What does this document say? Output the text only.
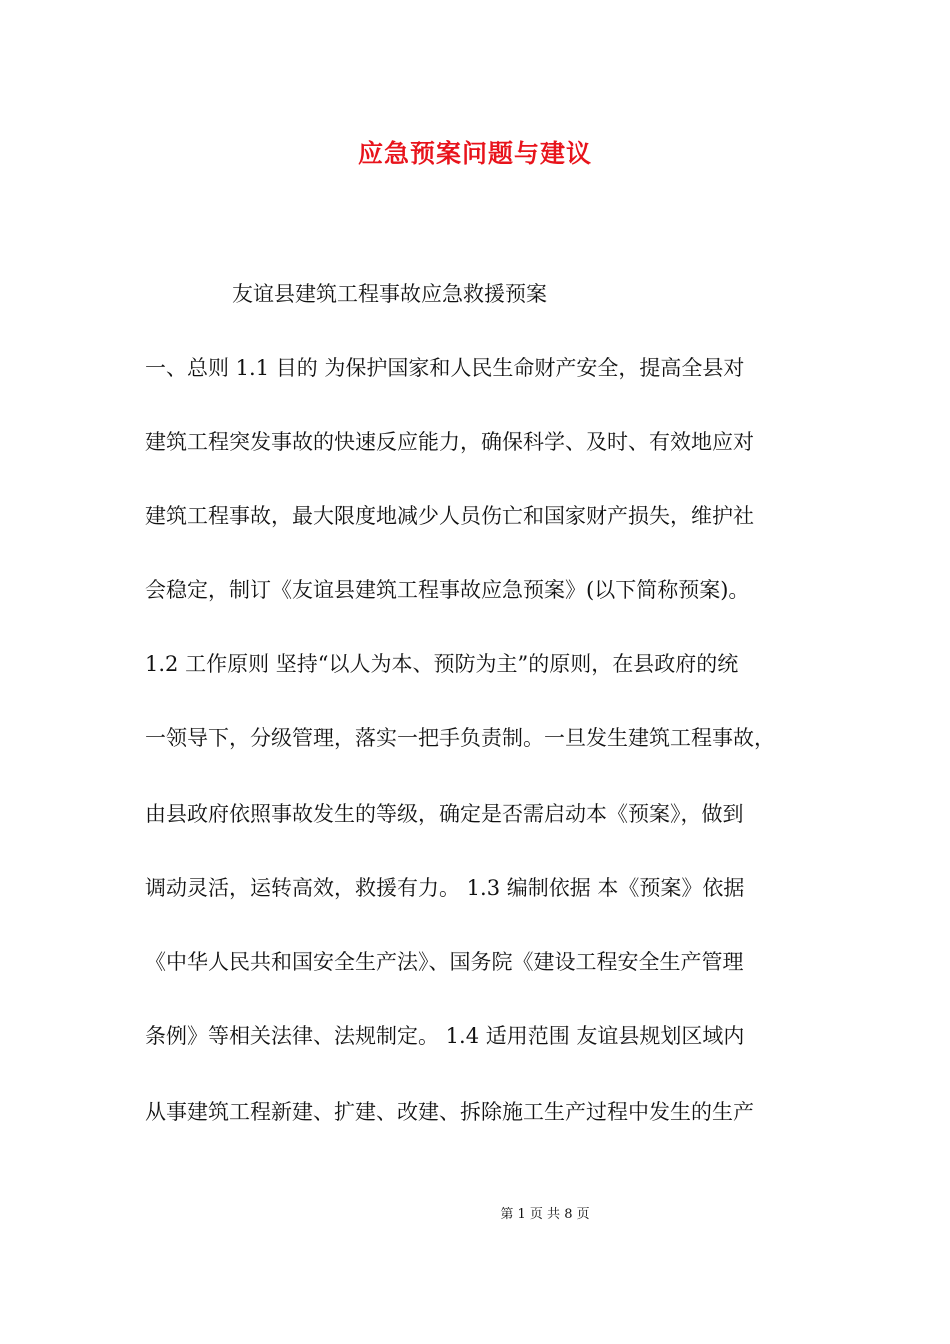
应急预案问题与建议
友谊县建筑工程事故应急救援预案
一、总则 1.1 目的 为保护国家和人民生命财产安全，提高全县对
建筑工程突发事故的快速反应能力，确保科学、及时、有效地应对
建筑工程事故，最大限度地减少人员伤亡和国家财产损失，维护社
会稳定，制订《友谊县建筑工程事故应急预案》(以下简称预案)。
1.2 工作原则 坚持“以人为本、预防为主”的原则，在县政府的统
一领导下，分级管理，落实一把手负责制。一旦发生建筑工程事故，
由县政府依照事故发生的等级，确定是否需启动本《预案》，做到
调动灵活，运转高效，救援有力。 1.3 编制依据 本《预案》依据
《中华人民共和国安全生产法》、国务院《建设工程安全生产管理
条例》等相关法律、法规制定。 1.4 适用范围 友谊县规划区域内
从事建筑工程新建、扩建、改建、拆除施工生产过程中发生的生产
第 1 页 共 8 页
